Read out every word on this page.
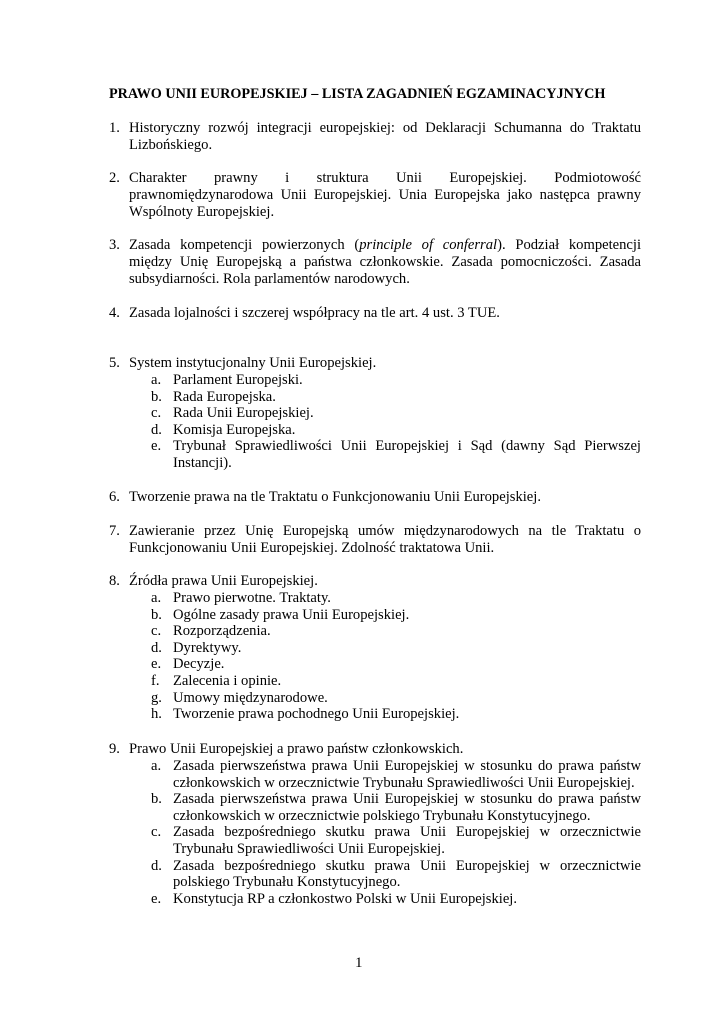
PRAWO UNII EUROPEJSKIEJ – LISTA ZAGADNIEŃ EGZAMINACYJNYCH
1. Historyczny rozwój integracji europejskiej: od Deklaracji Schumanna do Traktatu Lizbońskiego.
2. Charakter prawny i struktura Unii Europejskiej. Podmiotowość prawnomiędzynarodowa Unii Europejskiej. Unia Europejska jako następca prawny Wspólnoty Europejskiej.
3. Zasada kompetencji powierzonych (principle of conferral). Podział kompetencji między Unię Europejską a państwa członkowskie. Zasada pomocniczości. Zasada subsydiarności. Rola parlamentów narodowych.
4. Zasada lojalności i szczerej współpracy na tle art. 4 ust. 3 TUE.
5. System instytucjonalny Unii Europejskiej.
a. Parlament Europejski.
b. Rada Europejska.
c. Rada Unii Europejskiej.
d. Komisja Europejska.
e. Trybunał Sprawiedliwości Unii Europejskiej i Sąd (dawny Sąd Pierwszej Instancji).
6. Tworzenie prawa na tle Traktatu o Funkcjonowaniu Unii Europejskiej.
7. Zawieranie przez Unię Europejską umów międzynarodowych na tle Traktatu o Funkcjonowaniu Unii Europejskiej. Zdolność traktatowa Unii.
8. Źródła prawa Unii Europejskiej.
a. Prawo pierwotne. Traktaty.
b. Ogólne zasady prawa Unii Europejskiej.
c. Rozporządzenia.
d. Dyrektywy.
e. Decyzje.
f. Zalecenia i opinie.
g. Umowy międzynarodowe.
h. Tworzenie prawa pochodnego Unii Europejskiej.
9. Prawo Unii Europejskiej a prawo państw członkowskich.
a. Zasada pierwszeństwa prawa Unii Europejskiej w stosunku do prawa państw członkowskich w orzecznictwie Trybunału Sprawiedliwości Unii Europejskiej.
b. Zasada pierwszeństwa prawa Unii Europejskiej w stosunku do prawa państw członkowskich w orzecznictwie polskiego Trybunału Konstytucyjnego.
c. Zasada bezpośredniego skutku prawa Unii Europejskiej w orzecznictwie Trybunału Sprawiedliwości Unii Europejskiej.
d. Zasada bezpośredniego skutku prawa Unii Europejskiej w orzecznictwie polskiego Trybunału Konstytucyjnego.
e. Konstytucja RP a członkostwo Polski w Unii Europejskiej.
1
